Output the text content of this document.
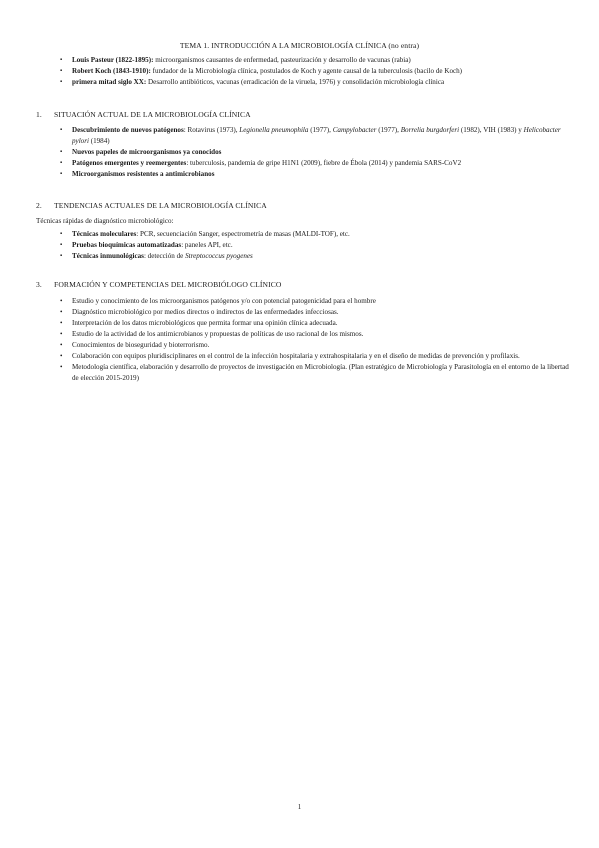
TEMA 1. INTRODUCCIÓN A LA MICROBIOLOGÍA CLÍNICA (no entra)
▪ Louis Pasteur (1822-1895): microorganismos causantes de enfermedad, pasteurización y desarrollo de vacunas (rabia)
▪ Robert Koch (1843-1910): fundador de la Microbiología clínica, postulados de Koch y agente causal de la tuberculosis (bacilo de Koch)
▪ primera mitad siglo XX: Desarrollo antibióticos, vacunas (erradicación de la viruela, 1976) y consolidación microbiología clínica
1. SITUACIÓN ACTUAL DE LA MICROBIOLOGÍA CLÍNICA
▪ Descubrimiento de nuevos patógenos: Rotavirus (1973), Legionella pneumophila (1977), Campylobacter (1977), Borrelia burgdorferi (1982), VIH (1983) y Helicobacter pylori (1984)
▪ Nuevos papeles de microorganismos ya conocidos
▪ Patógenos emergentes y reemergentes: tuberculosis, pandemia de gripe H1N1 (2009), fiebre de Ébola (2014) y pandemia SARS-CoV2
▪ Microorganismos resistentes a antimicrobianos
2. TENDENCIAS ACTUALES DE LA MICROBIOLOGÍA CLÍNICA
Técnicas rápidas de diagnóstico microbiológico:
▪ Técnicas moleculares: PCR, secuenciación Sanger, espectrometría de masas (MALDI-TOF), etc.
▪ Pruebas bioquímicas automatizadas: paneles API, etc.
▪ Técnicas inmunológicas: detección de Streptococcus pyogenes
3. FORMACIÓN Y COMPETENCIAS DEL MICROBIÓLOGO CLÍNICO
• Estudio y conocimiento de los microorganismos patógenos y/o con potencial patogenicidad para el hombre
• Diagnóstico microbiológico por medios directos o indirectos de las enfermedades infecciosas.
• Interpretación de los datos microbiológicos que permita formar una opinión clínica adecuada.
• Estudio de la actividad de los antimicrobianos y propuestas de políticas de uso racional de los mismos.
• Conocimientos de bioseguridad y bioterrorismo.
• Colaboración con equipos pluridisciplinares en el control de la infección hospitalaria y extrahospitalaria y en el diseño de medidas de prevención y profilaxis.
• Metodología científica, elaboración y desarrollo de proyectos de investigación en Microbiología. (Plan estratégico de Microbiología y Parasitología en el entorno de la libertad de elección 2015-2019)
1
